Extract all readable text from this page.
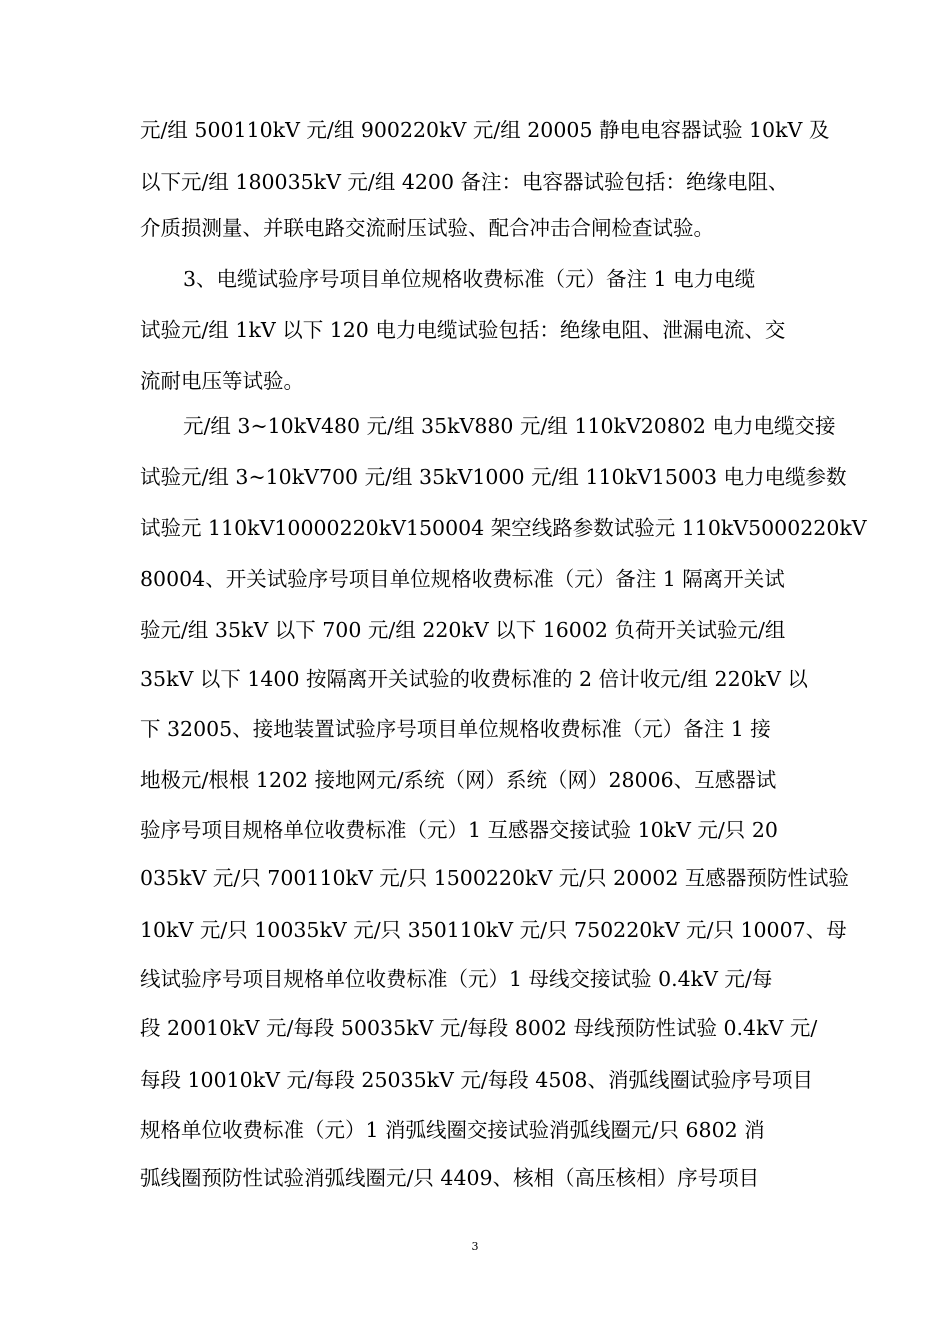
元/组 500110kV 元/组 900220kV 元/组 20005 静电电容器试验 10kV 及
以下元/组 180035kV 元/组 4200 备注：电容器试验包括：绝缘电阻、
介质损测量、并联电路交流耐压试验、配合冲击合闸检查试验。
3、电缆试验序号项目单位规格收费标准（元）备注 1 电力电缆
试验元/组 1kV 以下 120 电力电缆试验包括：绝缘电阻、泄漏电流、交
流耐电压等试验。
元/组 3~10kV480 元/组 35kV880 元/组 110kV20802 电力电缆交接
试验元/组 3~10kV700 元/组 35kV1000 元/组 110kV15003 电力电缆参数
试验元 110kV10000220kV150004 架空线路参数试验元 110kV5000220kV
80004、开关试验序号项目单位规格收费标准（元）备注 1 隔离开关试
验元/组 35kV 以下 700 元/组 220kV 以下 16002 负荷开关试验元/组
35kV 以下 1400 按隔离开关试验的收费标准的 2 倍计收元/组 220kV 以
下 32005、接地装置试验序号项目单位规格收费标准（元）备注 1 接
地极元/根根 1202 接地网元/系统（网）系统（网）28006、互感器试
验序号项目规格单位收费标准（元）1 互感器交接试验 10kV 元/只 20
035kV 元/只 700110kV 元/只 1500220kV 元/只 20002 互感器预防性试验
10kV 元/只 10035kV 元/只 350110kV 元/只 750220kV 元/只 10007、母
线试验序号项目规格单位收费标准（元）1 母线交接试验 0.4kV 元/每
段 20010kV 元/每段 50035kV 元/每段 8002 母线预防性试验 0.4kV 元/
每段 10010kV 元/每段 25035kV 元/每段 4508、消弧线圈试验序号项目
规格单位收费标准（元）1 消弧线圈交接试验消弧线圈元/只 6802 消
弧线圈预防性试验消弧线圈元/只 4409、核相（高压核相）序号项目
3
